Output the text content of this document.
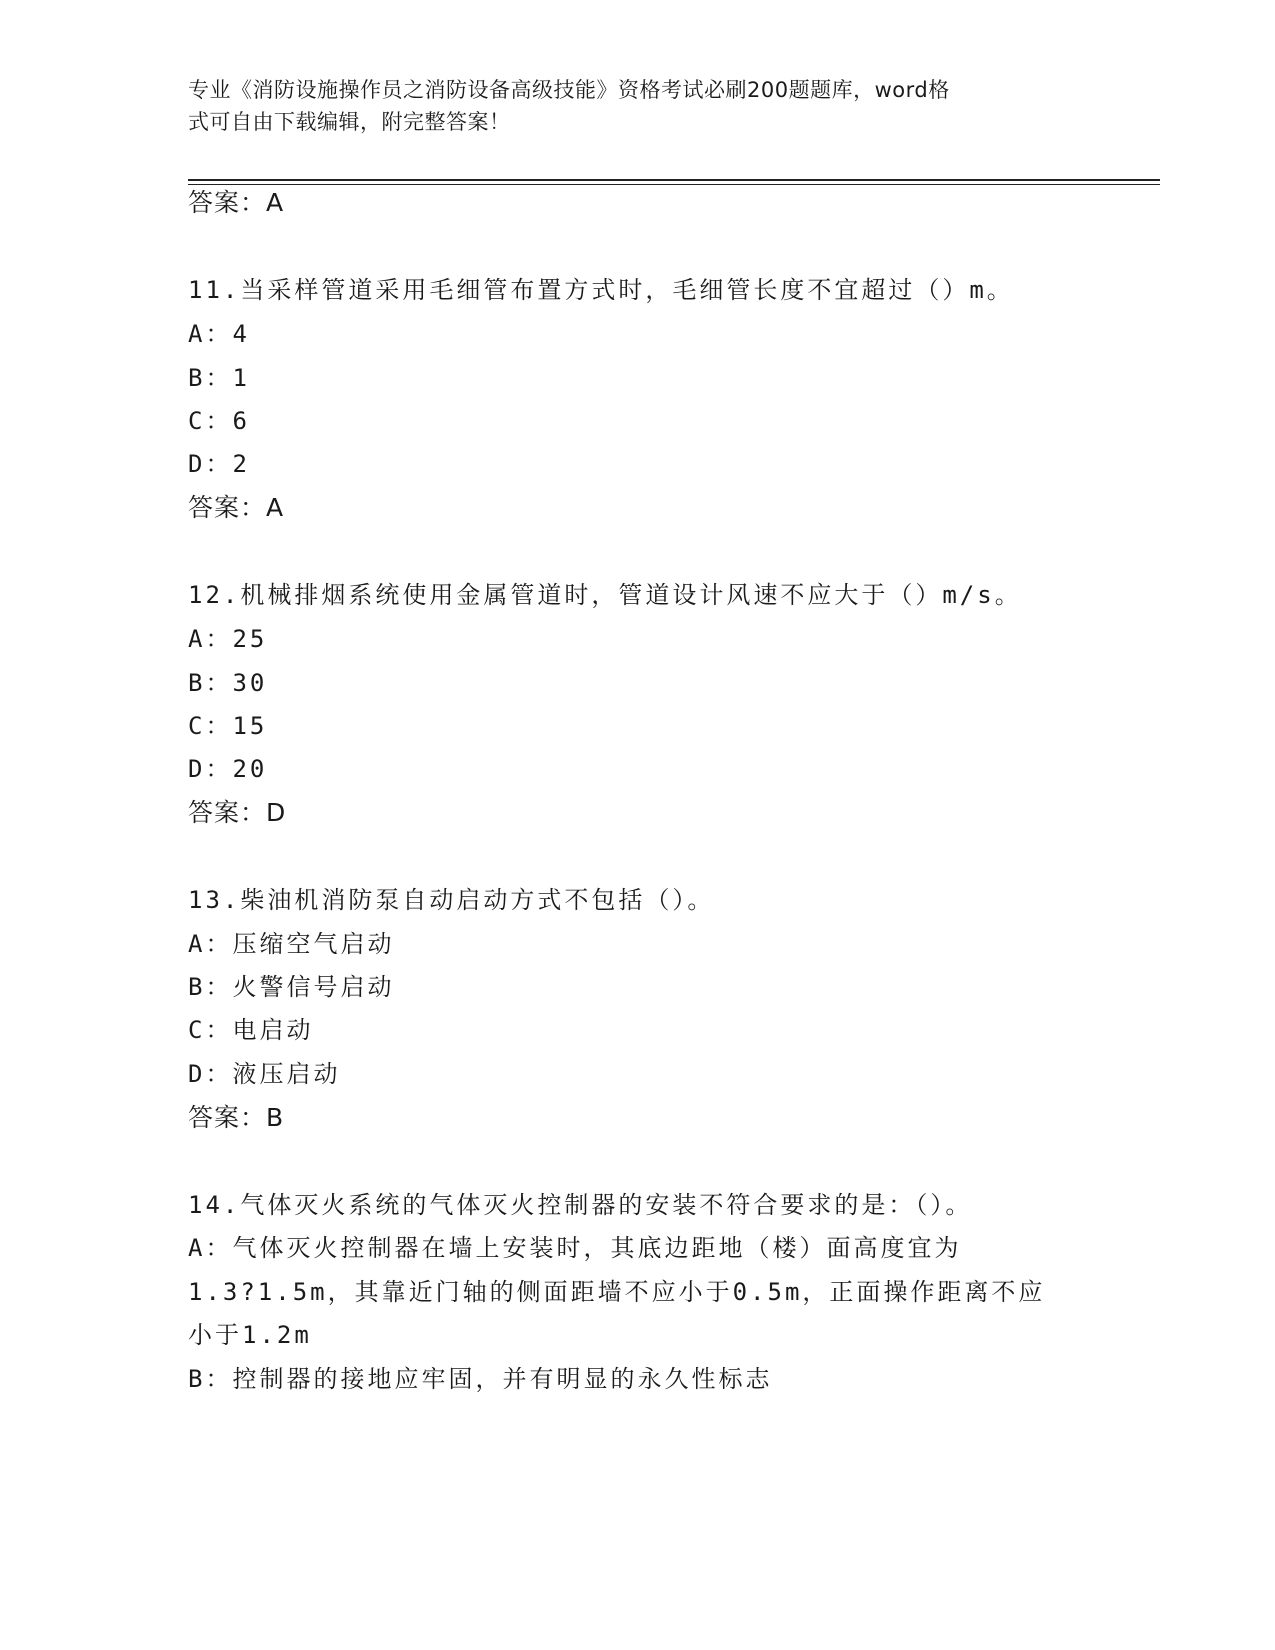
专业《消防设施操作员之消防设备高级技能》资格考试必刷200题题库，word格
式可自由下载编辑，附完整答案！
答案：A
11.当采样管道采用毛细管布置方式时，毛细管长度不宜超过（）m。
A：4
B：1
C：6
D：2
答案：A
12.机械排烟系统使用金属管道时，管道设计风速不应大于（）m/s。
A：25
B：30
C：15
D：20
答案：D
13.柴油机消防泵自动启动方式不包括（）。
A：压缩空气启动
B：火警信号启动
C：电启动
D：液压启动
答案：B
14.气体灭火系统的气体灭火控制器的安装不符合要求的是：（）。
A：气体灭火控制器在墙上安装时，其底边距地（楼）面高度宜为
1.3?1.5m，其靠近门轴的侧面距墙不应小于0.5m，正面操作距离不应
小于1.2m
B：控制器的接地应牢固，并有明显的永久性标志
